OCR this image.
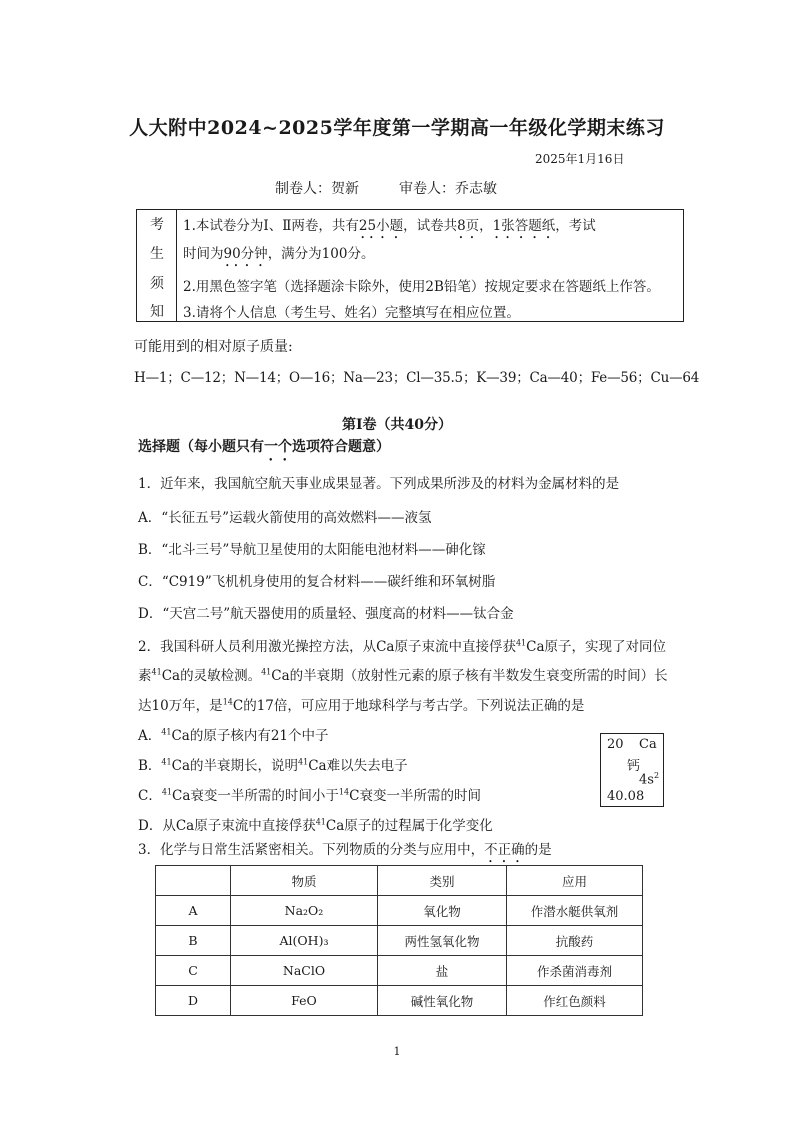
人大附中2024~2025学年度第一学期高一年级化学期末练习
2025年1月16日
制卷人：贺新	审卷人：乔志敏
考
生
须
知
1.本试卷分为Ⅰ、Ⅱ两卷，共有25小题，试卷共8页，1张答题纸，考试
时间为90分钟，满分为100分。
2.用黑色签字笔（选择题涂卡除外，使用2B铅笔）按规定要求在答题纸上作答。
3.请将个人信息（考生号、姓名）完整填写在相应位置。
可能用到的相对原子质量:
H—1；C—12；N—14；O—16；Na—23；Cl—35.5；K—39；Ca—40；Fe—56；Cu—64
第Ⅰ卷（共40分）
选择题（每小题只有一个选项符合题意）
1．近年来，我国航空航天事业成果显著。下列成果所涉及的材料为金属材料的是
A．“长征五号”运载火箭使用的高效燃料——液氢
B．“北斗三号”导航卫星使用的太阳能电池材料——砷化镓
C．“C919”飞机机身使用的复合材料——碳纤维和环氧树脂
D．“天宫二号”航天器使用的质量轻、强度高的材料——钛合金
2．我国科研人员利用激光操控方法，从Ca原子束流中直接俘获$^{41}$Ca原子，实现了对同位
素$^{41}$Ca的灵敏检测。$^{41}$Ca的半衰期（放射性元素的原子核有半数发生衰变所需的时间）长
达10万年，是$^{14}$C的17倍，可应用于地球科学与考古学。下列说法正确的是
A．$^{41}$Ca的原子核内有21个中子
B．$^{41}$Ca的半衰期长，说明$^{41}$Ca难以失去电子
C．$^{41}$Ca衰变一半所需的时间小于$^{14}$C衰变一半所需的时间
D．从Ca原子束流中直接俘获$^{41}$Ca原子的过程属于化学变化
20 Ca
钙
$4s^2$
40.08
3．化学与日常生活紧密相关。下列物质的分类与应用中，不正确的是
	物质	类别	应用
A	Na₂O₂	氧化物	作潜水艇供氧剂
B	Al(OH)₃	两性氢氧化物	抗酸药
C	NaClO	盐	作杀菌消毒剂
D	FeO	碱性氧化物	作红色颜料
1
